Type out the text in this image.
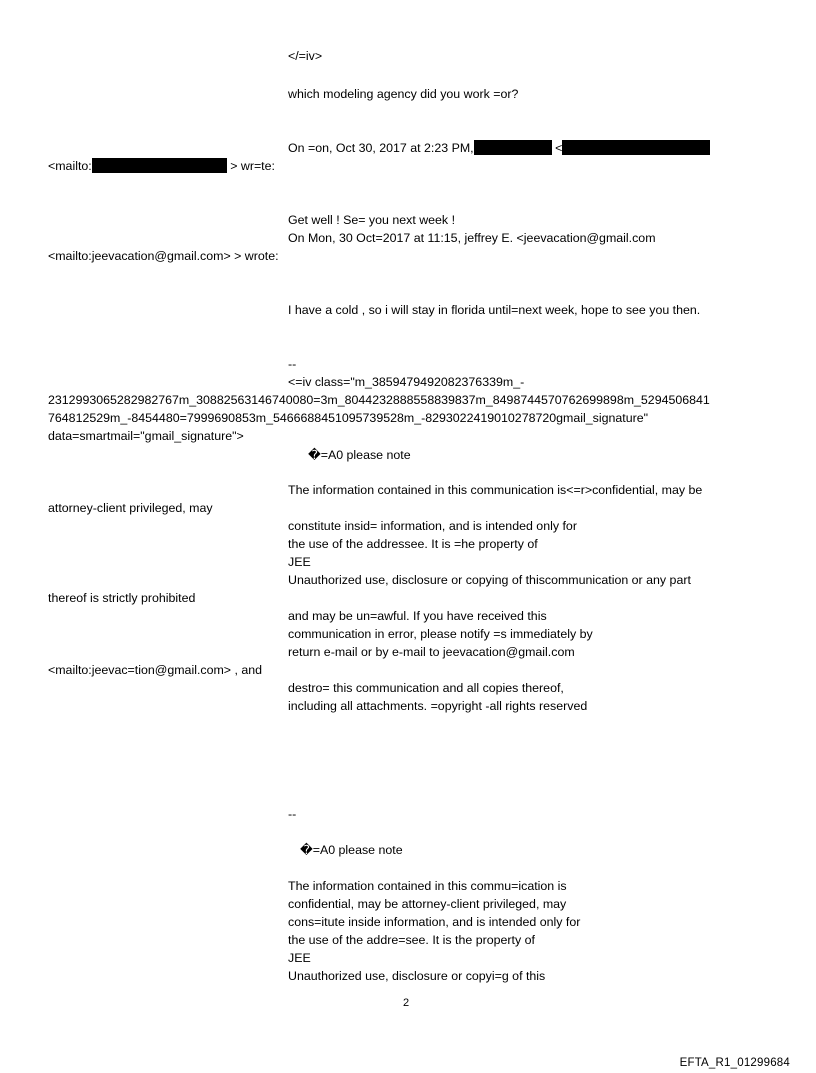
</=iv>
which modeling agency did you work =or?
On =on, Oct 30, 2017 at 2:23 PM,	<
<mailto:	> wr=te:
Get well ! Se= you next week !
On Mon, 30 Oct=2017 at 11:15, jeffrey E. <jeevacation@gmail.com
<mailto:jeevacation@gmail.com> > wrote:
I have a cold , so i will stay in florida until=next week, hope to see you then.
--
<=iv class="m_3859479492082376339m_-
2312993065282982767m_30882563146740080=3m_8044232888558839837m_8498744570762699898m_5294506841
764812529m_-8454480=7999690853m_5466688451095739528m_-8293022419010278720gmail_signature"
data=smartmail="gmail_signature">
�=A0 please note
The information contained in this communication is<=r>confidential, may be
attorney-client privileged, may
constitute insid= information, and is intended only for
the use of the addressee. It is =he property of
JEE
Unauthorized use, disclosure or copying of thiscommunication or any part
thereof is strictly prohibited
and may be un=awful. If you have received this
communication in error, please notify =s immediately by
return e-mail or by e-mail to jeevacation@gmail.com
<mailto:jeevac=tion@gmail.com> , and
destro= this communication and all copies thereof,
including all attachments. =opyright -all rights reserved
--
�=A0 please note
The information contained in this commu=ication is
confidential, may be attorney-client privileged, may
cons=itute inside information, and is intended only for
the use of the addre=see. It is the property of
JEE
Unauthorized use, disclosure or copyi=g of this
2
EFTA_R1_01299684
